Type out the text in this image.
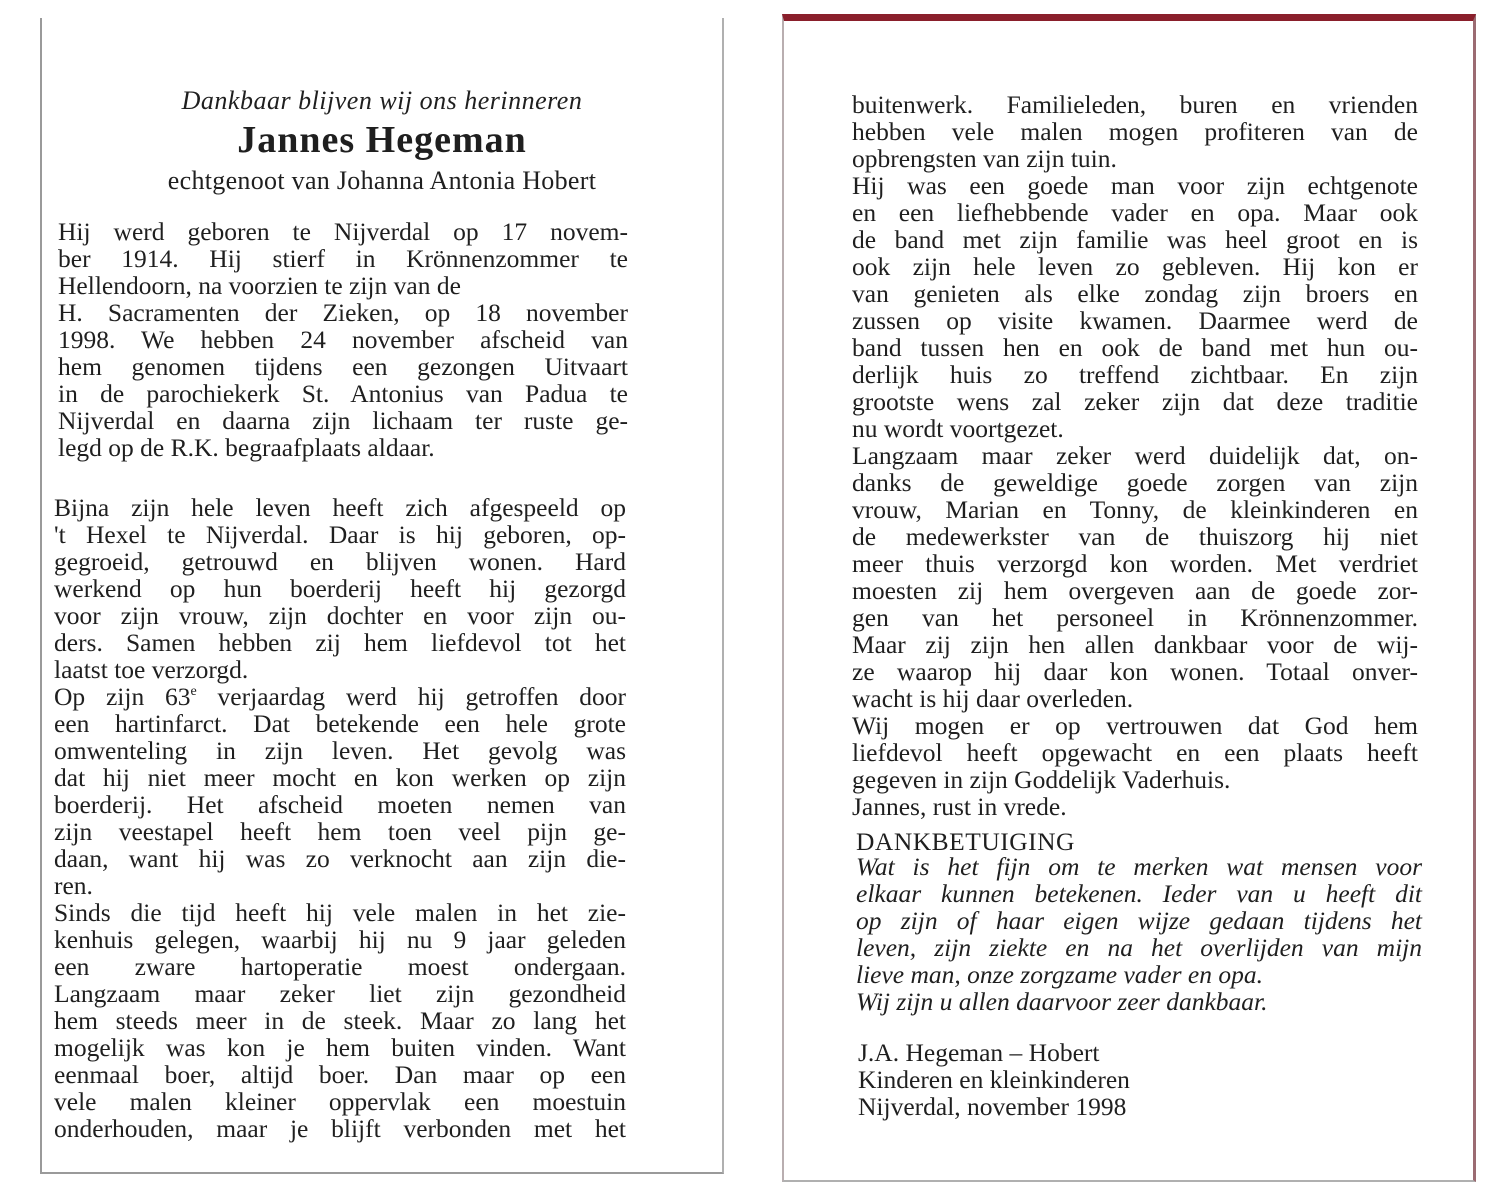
Dankbaar blijven wij ons herinneren
Jannes Hegeman
echtgenoot van Johanna Antonia Hobert
Hij werd geboren te Nijverdal op 17 novem-
ber 1914. Hij stierf in Krönnenzommer te
Hellendoorn, na voorzien te zijn van de
H. Sacramenten der Zieken, op 18 november
1998. We hebben 24 november afscheid van
hem genomen tijdens een gezongen Uitvaart
in de parochiekerk St. Antonius van Padua te
Nijverdal en daarna zijn lichaam ter ruste ge-
legd op de R.K. begraafplaats aldaar.
Bijna zijn hele leven heeft zich afgespeeld op
't Hexel te Nijverdal. Daar is hij geboren, op-
gegroeid, getrouwd en blijven wonen. Hard
werkend op hun boerderij heeft hij gezorgd
voor zijn vrouw, zijn dochter en voor zijn ou-
ders. Samen hebben zij hem liefdevol tot het
laatst toe verzorgd.
Op zijn 63e verjaardag werd hij getroffen door
een hartinfarct. Dat betekende een hele grote
omwenteling in zijn leven. Het gevolg was
dat hij niet meer mocht en kon werken op zijn
boerderij. Het afscheid moeten nemen van
zijn veestapel heeft hem toen veel pijn ge-
daan, want hij was zo verknocht aan zijn die-
ren.
Sinds die tijd heeft hij vele malen in het zie-
kenhuis gelegen, waarbij hij nu 9 jaar geleden
een zware hartoperatie moest ondergaan.
Langzaam maar zeker liet zijn gezondheid
hem steeds meer in de steek. Maar zo lang het
mogelijk was kon je hem buiten vinden. Want
eenmaal boer, altijd boer. Dan maar op een
vele malen kleiner oppervlak een moestuin
onderhouden, maar je blijft verbonden met het
buitenwerk. Familieleden, buren en vrienden
hebben vele malen mogen profiteren van de
opbrengsten van zijn tuin.
Hij was een goede man voor zijn echtgenote
en een liefhebbende vader en opa. Maar ook
de band met zijn familie was heel groot en is
ook zijn hele leven zo gebleven. Hij kon er
van genieten als elke zondag zijn broers en
zussen op visite kwamen. Daarmee werd de
band tussen hen en ook de band met hun ou-
derlijk huis zo treffend zichtbaar. En zijn
grootste wens zal zeker zijn dat deze traditie
nu wordt voortgezet.
Langzaam maar zeker werd duidelijk dat, on-
danks de geweldige goede zorgen van zijn
vrouw, Marian en Tonny, de kleinkinderen en
de medewerkster van de thuiszorg hij niet
meer thuis verzorgd kon worden. Met verdriet
moesten zij hem overgeven aan de goede zor-
gen van het personeel in Krönnenzommer.
Maar zij zijn hen allen dankbaar voor de wij-
ze waarop hij daar kon wonen. Totaal onver-
wacht is hij daar overleden.
Wij mogen er op vertrouwen dat God hem
liefdevol heeft opgewacht en een plaats heeft
gegeven in zijn Goddelijk Vaderhuis.
Jannes, rust in vrede.
DANKBETUIGING
Wat is het fijn om te merken wat mensen voor
elkaar kunnen betekenen. Ieder van u heeft dit
op zijn of haar eigen wijze gedaan tijdens het
leven, zijn ziekte en na het overlijden van mijn
lieve man, onze zorgzame vader en opa.
Wij zijn u allen daarvoor zeer dankbaar.
J.A. Hegeman – Hobert
Kinderen en kleinkinderen
Nijverdal, november 1998
